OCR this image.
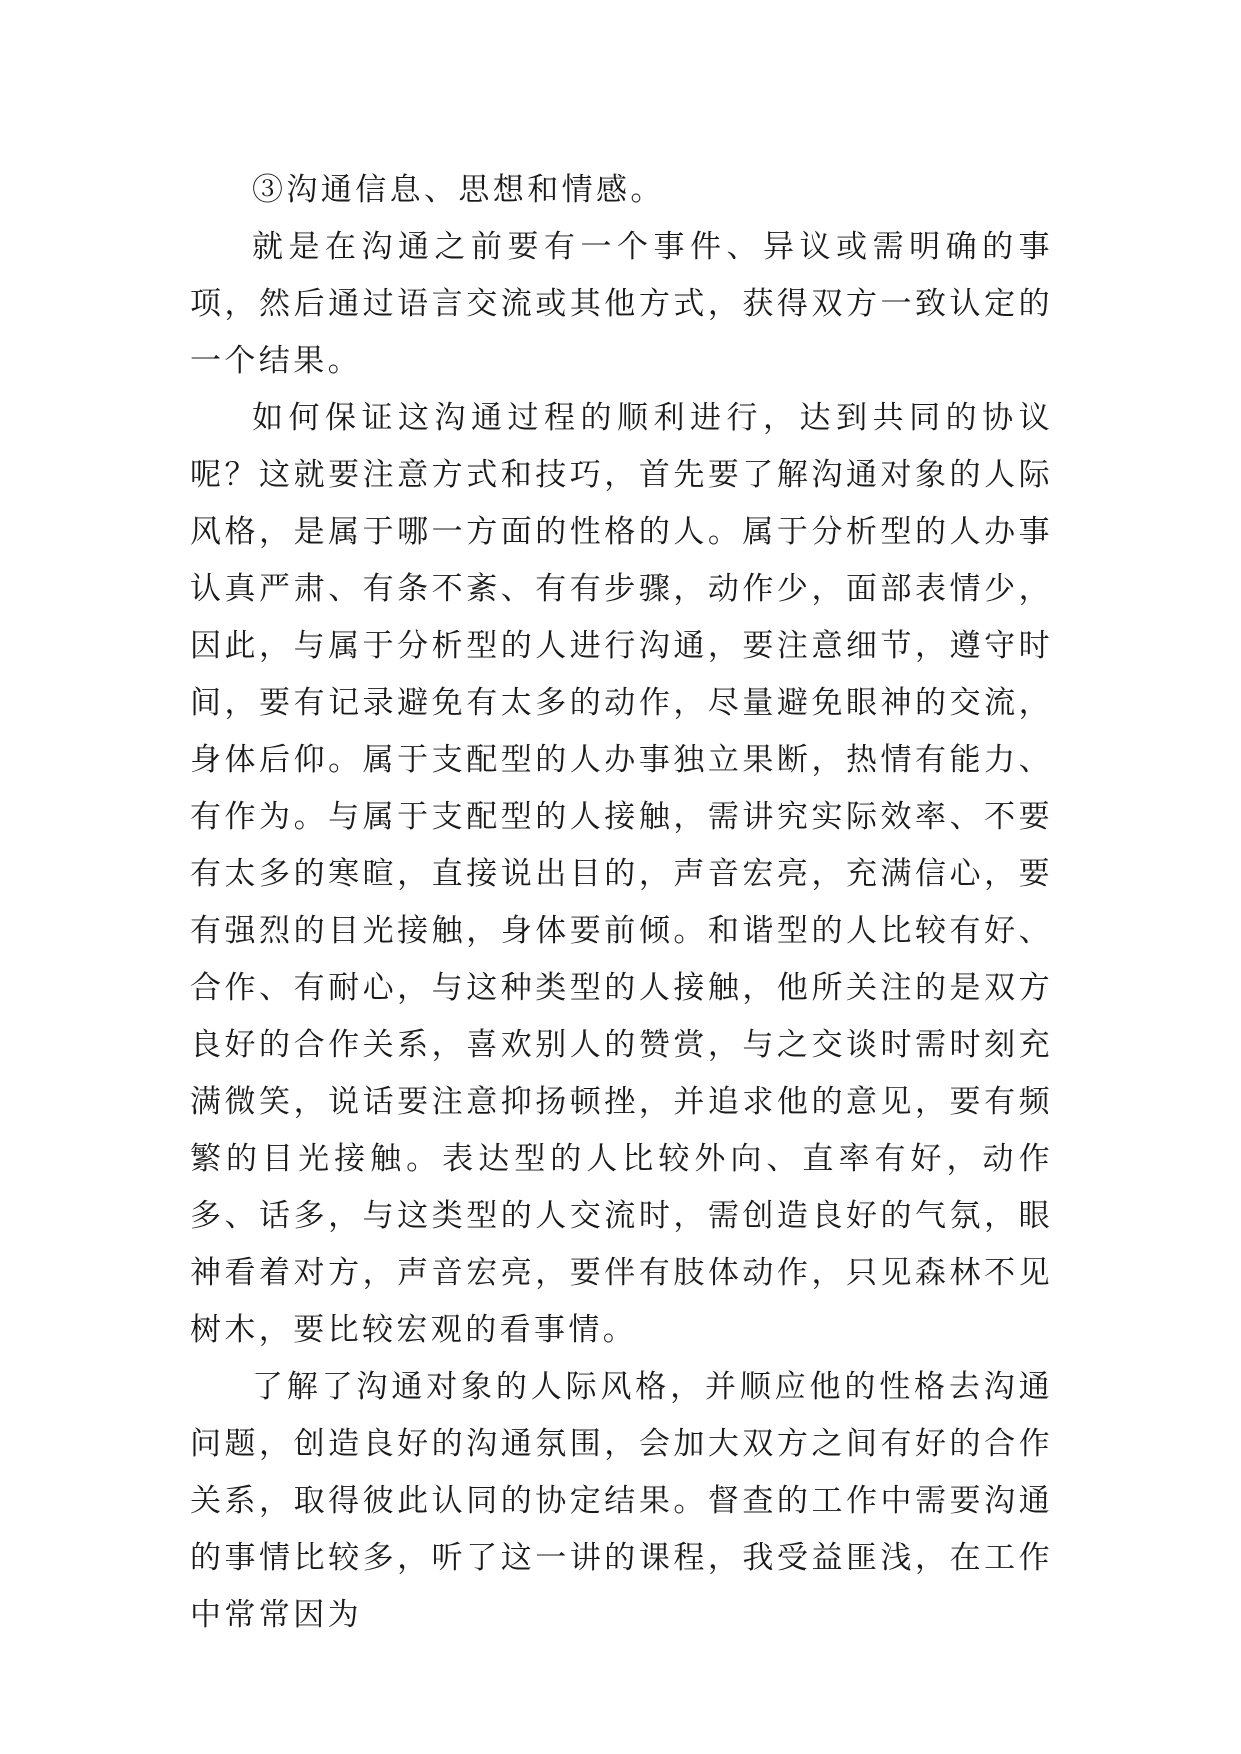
③沟通信息、思想和情感。

就是在沟通之前要有一个事件、异议或需明确的事项，然后通过语言交流或其他方式，获得双方一致认定的一个结果。

如何保证这沟通过程的顺利进行，达到共同的协议呢？这就要注意方式和技巧，首先要了解沟通对象的人际风格，是属于哪一方面的性格的人。属于分析型的人办事认真严肃、有条不紊、有有步骤，动作少，面部表情少，因此，与属于分析型的人进行沟通，要注意细节，遵守时间，要有记录避免有太多的动作，尽量避免眼神的交流，身体后仰。属于支配型的人办事独立果断，热情有能力、有作为。与属于支配型的人接触，需讲究实际效率、不要有太多的寒暄，直接说出目的，声音宏亮，充满信心，要有强烈的目光接触，身体要前倾。和谐型的人比较有好、合作、有耐心，与这种类型的人接触，他所关注的是双方良好的合作关系，喜欢别人的赞赏，与之交谈时需时刻充满微笑，说话要注意抑扬顿挫，并追求他的意见，要有频繁的目光接触。表达型的人比较外向、直率有好，动作多、话多，与这类型的人交流时，需创造良好的气氛，眼神看着对方，声音宏亮，要伴有肢体动作，只见森林不见树木，要比较宏观的看事情。

了解了沟通对象的人际风格，并顺应他的性格去沟通问题，创造良好的沟通氛围，会加大双方之间有好的合作关系，取得彼此认同的协定结果。督查的工作中需要沟通的事情比较多，听了这一讲的课程，我受益匪浅，在工作中常常因为
